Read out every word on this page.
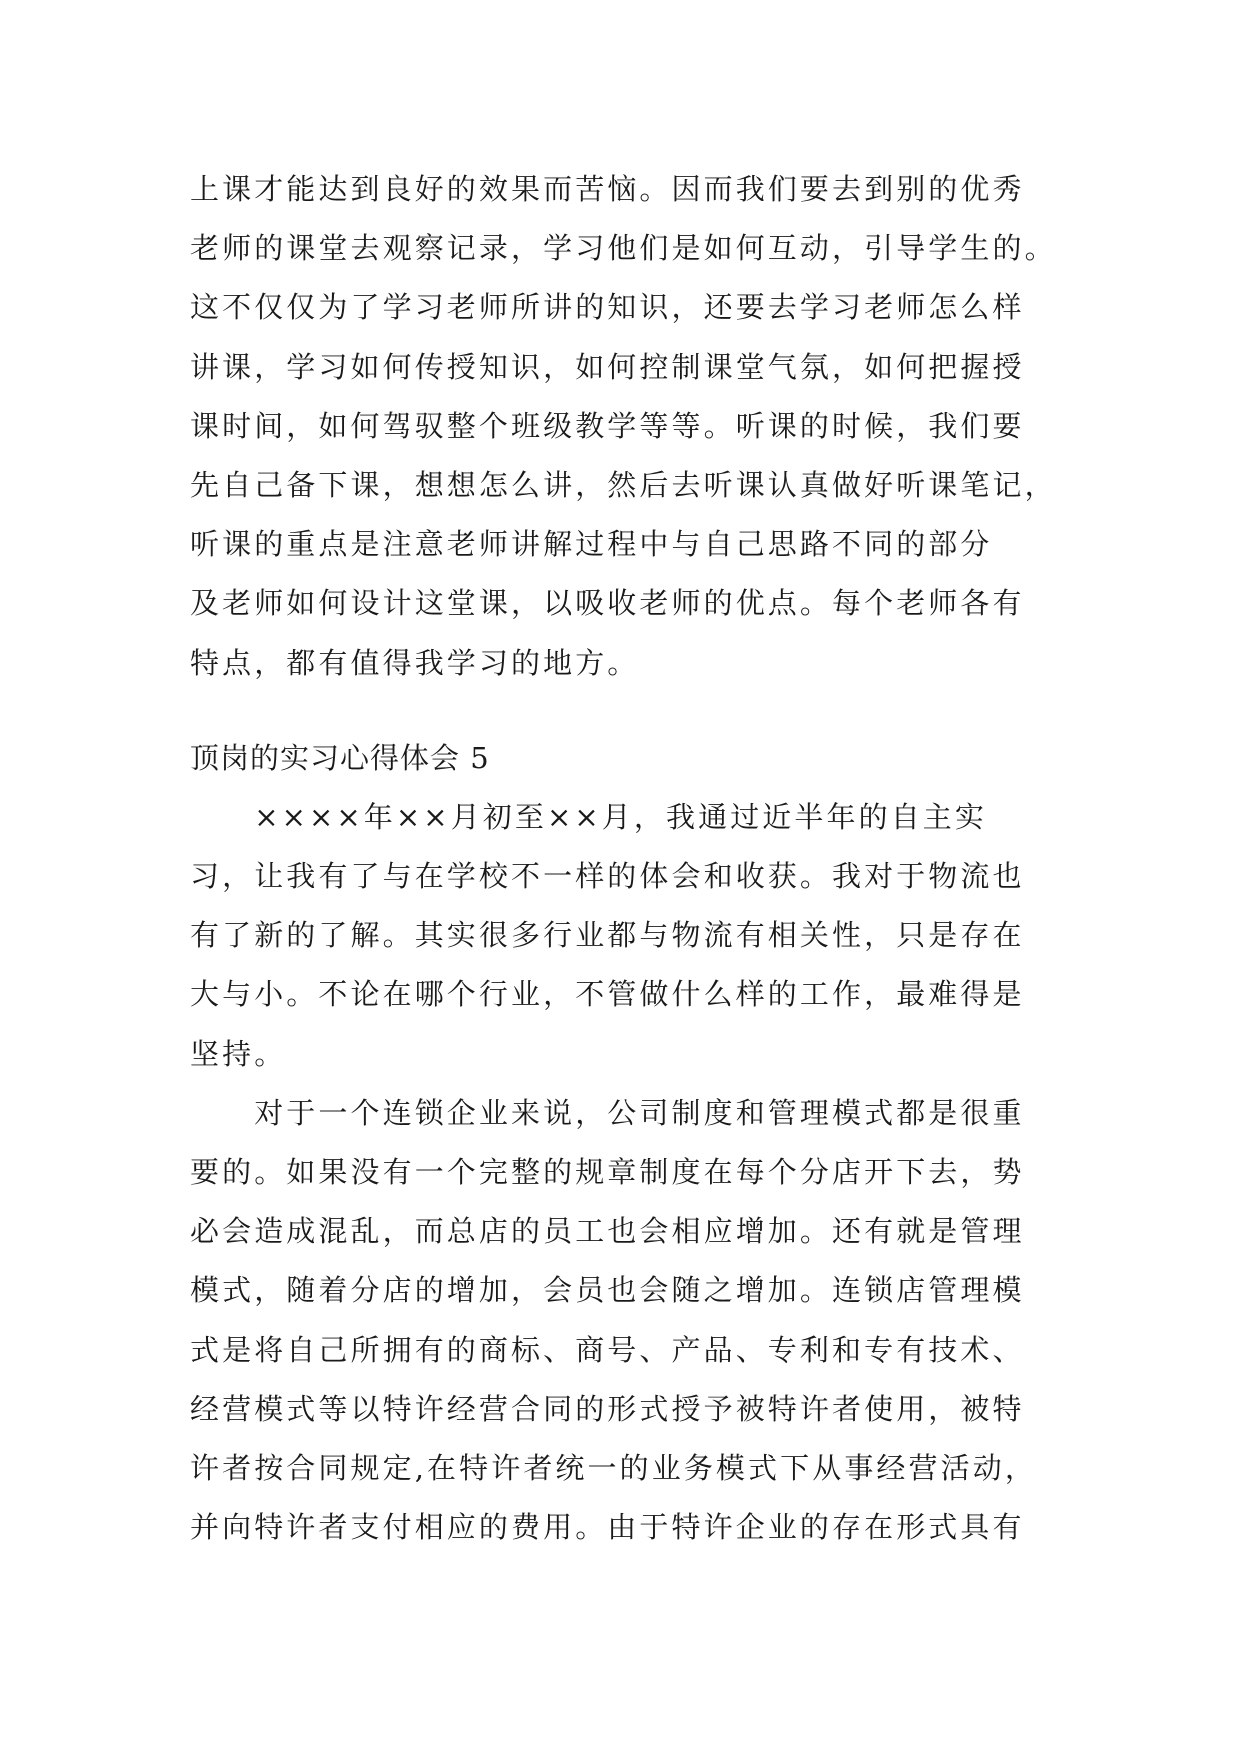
上课才能达到良好的效果而苦恼。因而我们要去到别的优秀
老师的课堂去观察记录，学习他们是如何互动，引导学生的。
这不仅仅为了学习老师所讲的知识，还要去学习老师怎么样
讲课，学习如何传授知识，如何控制课堂气氛，如何把握授
课时间，如何驾驭整个班级教学等等。听课的时候，我们要
先自己备下课，想想怎么讲，然后去听课认真做好听课笔记，
听课的重点是注意老师讲解过程中与自己思路不同的部分
及老师如何设计这堂课，以吸收老师的优点。每个老师各有
特点，都有值得我学习的地方。
顶岗的实习心得体会 5
　　××××年××月初至××月，我通过近半年的自主实
习，让我有了与在学校不一样的体会和收获。我对于物流也
有了新的了解。其实很多行业都与物流有相关性，只是存在
大与小。不论在哪个行业，不管做什么样的工作，最难得是
坚持。
　　对于一个连锁企业来说，公司制度和管理模式都是很重
要的。如果没有一个完整的规章制度在每个分店开下去，势
必会造成混乱，而总店的员工也会相应增加。还有就是管理
模式，随着分店的增加，会员也会随之增加。连锁店管理模
式是将自己所拥有的商标、商号、产品、专利和专有技术、
经营模式等以特许经营合同的形式授予被特许者使用，被特
许者按合同规定,在特许者统一的业务模式下从事经营活动，
并向特许者支付相应的费用。由于特许企业的存在形式具有
